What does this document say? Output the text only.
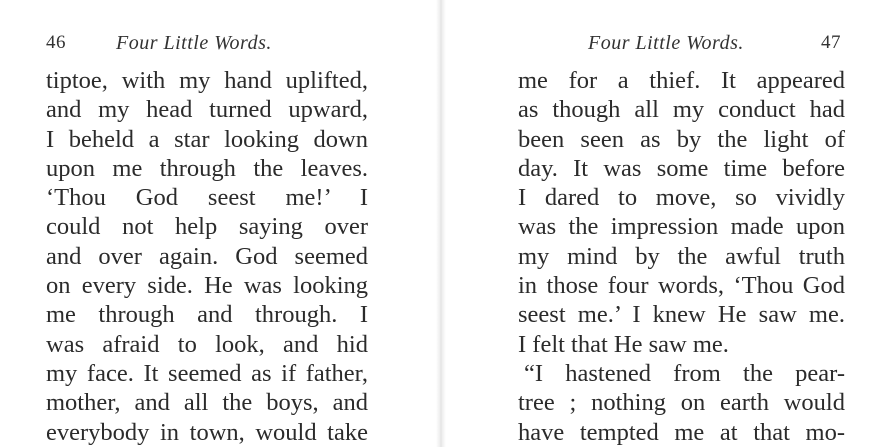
46	Four Little Words.
tiptoe, with my hand uplifted,
and my head turned upward,
I beheld a star looking down
upon me through the leaves.
‘Thou God seest me!’ I
could not help saying over
and over again. God seemed
on every side. He was looking
me through and through. I
was afraid to look, and hid
my face. It seemed as if father,
mother, and all the boys, and
everybody in town, would take
Four Little Words.	47
me for a thief. It appeared
as though all my conduct had
been seen as by the light of
day. It was some time before
I dared to move, so vividly
was the impression made upon
my mind by the awful truth
in those four words, ‘Thou God
seest me.’ I knew He saw me.
I felt that He saw me.
“I hastened from the pear-
tree ; nothing on earth would
have tempted me at that mo-
